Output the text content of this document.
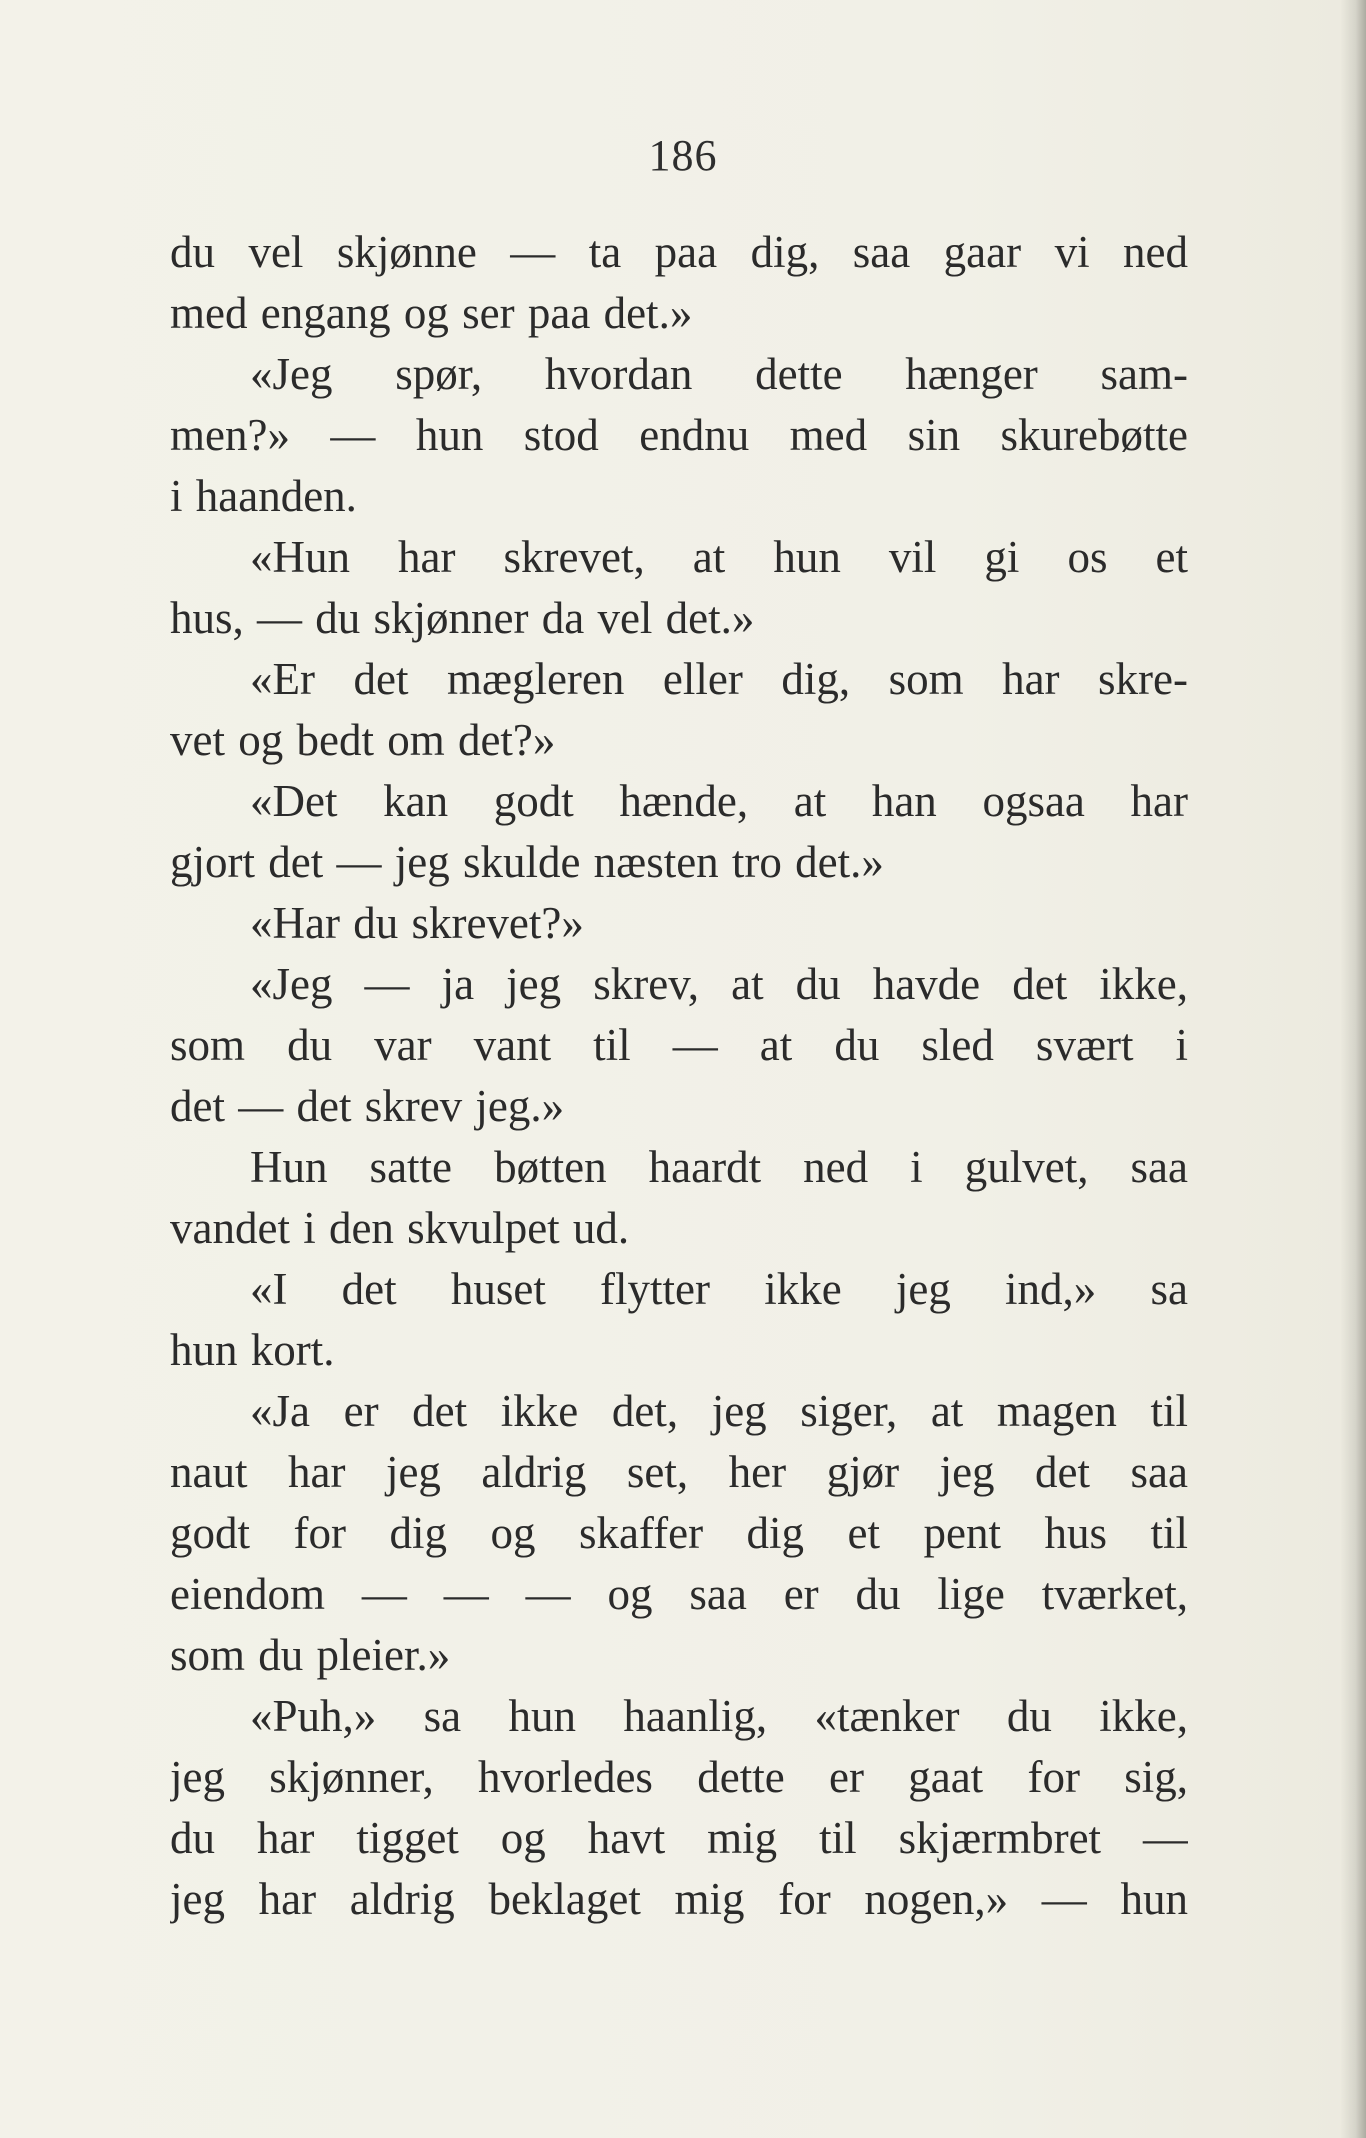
186
du vel skjønne — ta paa dig, saa gaar vi ned
med engang og ser paa det.»
«Jeg spør, hvordan dette hænger sam-
men?» — hun stod endnu med sin skurebøtte
i haanden.
«Hun har skrevet, at hun vil gi os et
hus, — du skjønner da vel det.»
«Er det mægleren eller dig, som har skre-
vet og bedt om det?»
«Det kan godt hænde, at han ogsaa har
gjort det — jeg skulde næsten tro det.»
«Har du skrevet?»
«Jeg — ja jeg skrev, at du havde det ikke,
som du var vant til — at du sled svært i
det — det skrev jeg.»
Hun satte bøtten haardt ned i gulvet, saa
vandet i den skvulpet ud.
«I det huset flytter ikke jeg ind,» sa
hun kort.
«Ja er det ikke det, jeg siger, at magen til
naut har jeg aldrig set, her gjør jeg det saa
godt for dig og skaffer dig et pent hus til
eiendom — — — og saa er du lige tværket,
som du pleier.»
«Puh,» sa hun haanlig, «tænker du ikke,
jeg skjønner, hvorledes dette er gaat for sig,
du har tigget og havt mig til skjærmbret —
jeg har aldrig beklaget mig for nogen,» — hun
